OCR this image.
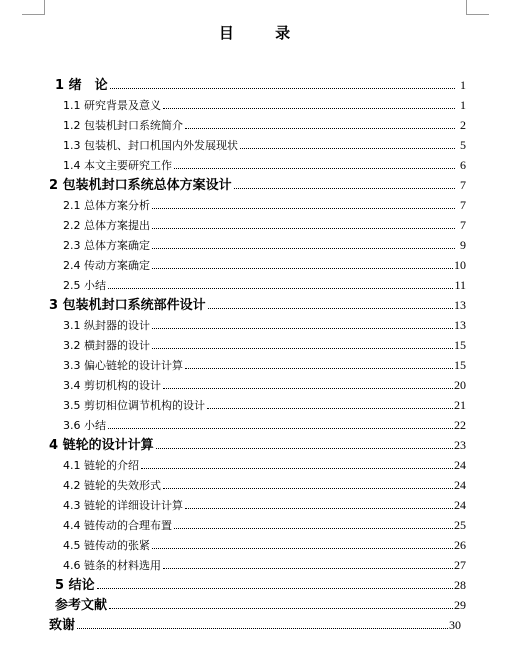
目 录
1 绪　论	1
1.1 研究背景及意义	1
1.2 包装机封口系统简介	2
1.3 包装机、封口机国内外发展现状	5
1.4 本文主要研究工作	6
2 包装机封口系统总体方案设计	7
2.1 总体方案分析	7
2.2 总体方案提出	7
2.3 总体方案确定	9
2.4 传动方案确定	10
2.5 小结	11
3 包装机封口系统部件设计	13
3.1 纵封器的设计	13
3.2 横封器的设计	15
3.3 偏心链轮的设计计算	15
3.4 剪切机构的设计	20
3.5 剪切相位调节机构的设计	21
3.6 小结	22
4 链轮的设计计算	23
4.1 链轮的介绍	24
4.2 链轮的失效形式	24
4.3 链轮的详细设计计算	24
4.4 链传动的合理布置	25
4.5 链传动的张紧	26
4.6 链条的材料选用	27
5 结论	28
参考文献	29
致谢	30
